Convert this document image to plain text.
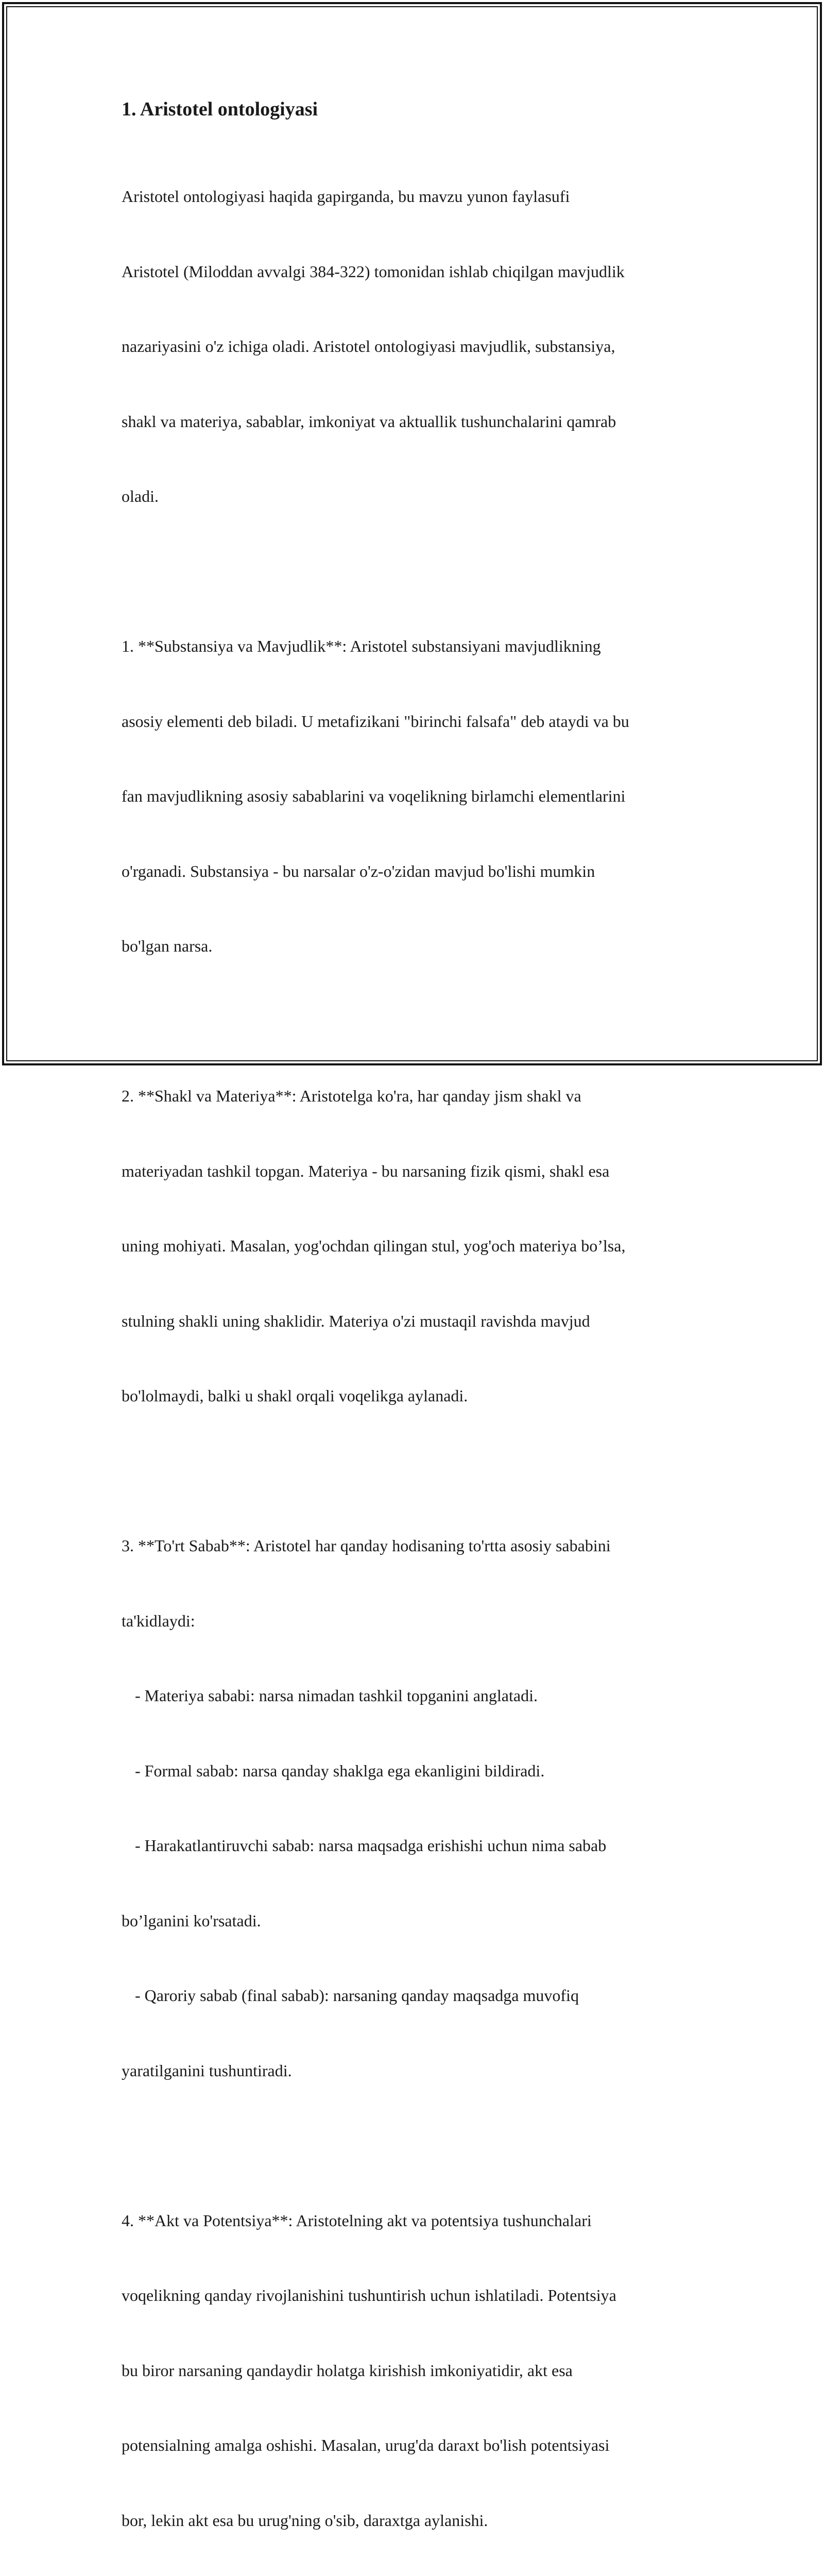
1. Aristotel ontologiyasi

Aristotel ontologiyasi haqida gapirganda, bu mavzu yunon faylasufi

Aristotel (Miloddan avvalgi 384-322) tomonidan ishlab chiqilgan mavjudlik

nazariyasini o'z ichiga oladi. Aristotel ontologiyasi mavjudlik, substansiya,

shakl va materiya, sabablar, imkoniyat va aktuallik tushunchalarini qamrab

oladi.

1. **Substansiya va Mavjudlik**: Aristotel substansiyani mavjudlikning

asosiy elementi deb biladi. U metafizikani "birinchi falsafa" deb ataydi va bu

fan mavjudlikning asosiy sabablarini va voqelikning birlamchi elementlarini

o'rganadi. Substansiya - bu narsalar o'z-o'zidan mavjud bo'lishi mumkin

bo'lgan narsa.

2. **Shakl va Materiya**: Aristotelga ko'ra, har qanday jism shakl va

materiyadan tashkil topgan. Materiya - bu narsaning fizik qismi, shakl esa

uning mohiyati. Masalan, yog'ochdan qilingan stul, yog'och materiya bo’lsa,

stulning shakli uning shaklidir. Materiya o'zi mustaqil ravishda mavjud

bo'lolmaydi, balki u shakl orqali voqelikga aylanadi.

3. **To'rt Sabab**: Aristotel har qanday hodisaning to'rtta asosiy sababini

ta'kidlaydi:

- Materiya sababi: narsa nimadan tashkil topganini anglatadi.

- Formal sabab: narsa qanday shaklga ega ekanligini bildiradi.

- Harakatlantiruvchi sabab: narsa maqsadga erishishi uchun nima sabab

bo’lganini ko'rsatadi.

- Qaroriy sabab (final sabab): narsaning qanday maqsadga muvofiq

yaratilganini tushuntiradi.

4. **Akt va Potentsiya**: Aristotelning akt va potentsiya tushunchalari

voqelikning qanday rivojlanishini tushuntirish uchun ishlatiladi. Potentsiya

bu biror narsaning qandaydir holatga kirishish imkoniyatidir, akt esa

potensialning amalga oshishi. Masalan, urug'da daraxt bo'lish potentsiyasi

bor, lekin akt esa bu urug'ning o'sib, daraxtga aylanishi.
